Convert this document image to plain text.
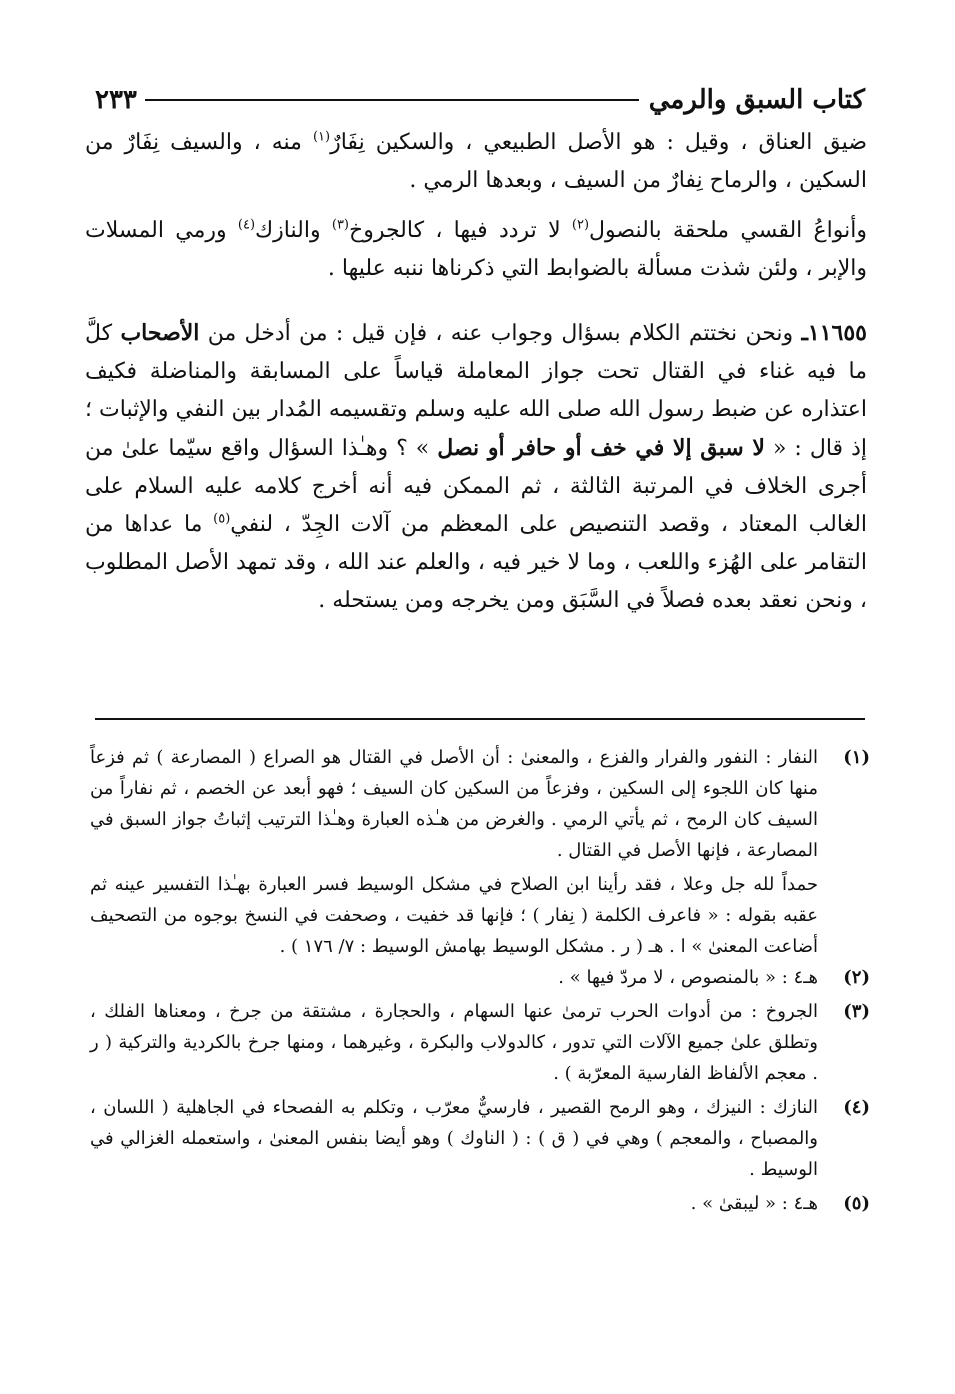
كتاب السبق والرمي
٢٣٣

ضيق العناق ، وقيل : هو الأصل الطبيعي ، والسكين نِفَارٌ$^{(١)}$ منه ، والسيف نِفَارٌ من السكين ، والرماح نِفارٌ من السيف ، وبعدها الرمي .

وأنواعُ القسي ملحقة بالنصول$^{(٢)}$ لا تردد فيها ، كالجروخ$^{(٣)}$ والنازك$^{(٤)}$ ورمي المسلات والإبر ، ولئن شذت مسألة بالضوابط التي ذكرناها ننبه عليها .

١١٦٥٥ـ ونحن نختتم الكلام بسؤال وجواب عنه ، فإن قيل : من أدخل من الأصحاب كلَّ ما فيه غناء في القتال تحت جواز المعاملة قياساً على المسابقة والمناضلة فكيف اعتذاره عن ضبط رسول الله صلى الله عليه وسلم وتقسيمه المُدار بين النفي والإثبات ؛ إذ قال : « لا سبق إلا في خف أو حافر أو نصل » ؟ وهـٰذا السؤال واقع سيّما علىٰ من أجرى الخلاف في المرتبة الثالثة ، ثم الممكن فيه أنه أخرج كلامه عليه السلام على الغالب المعتاد ، وقصد التنصيص على المعظم من آلات الجِدّ ، لنفي$^{(٥)}$ ما عداها من التقامر على الهُزء واللعب ، وما لا خير فيه ، والعلم عند الله ، وقد تمهد الأصل المطلوب ، ونحن نعقد بعده فصلاً في السَّبَق ومن يخرجه ومن يستحله .

(١)
النفار : النفور والفرار والفزع ، والمعنىٰ : أن الأصل في القتال هو الصراع ( المصارعة ) ثم فزعاً منها كان اللجوء إلى السكين ، وفزعاً من السكين كان السيف ؛ فهو أبعد عن الخصم ، ثم نفاراً من السيف كان الرمح ، ثم يأتي الرمي . والغرض من هـٰذه العبارة وهـٰذا الترتيب إثباتُ جواز السبق في المصارعة ، فإنها الأصل في القتال .
حمداً لله جل وعلا ، فقد رأينا ابن الصلاح في مشكل الوسيط فسر العبارة بهـٰذا التفسير عينه ثم عقبه بقوله : « فاعرف الكلمة ( نِفار ) ؛ فإنها قد خفيت ، وصحفت في النسخ بوجوه من التصحيف أضاعت المعنىٰ » ا . هـ ( ر . مشكل الوسيط بهامش الوسيط : ٧/ ١٧٦ ) .
(٢)
هـ٤ : « بالمنصوص ، لا مردّ فيها » .
(٣)
الجروخ : من أدوات الحرب ترمىٰ عنها السهام ، والحجارة ، مشتقة من جرخ ، ومعناها الفلك ، وتطلق علىٰ جميع الآلات التي تدور ، كالدولاب والبكرة ، وغيرهما ، ومنها جرخ بالكردية والتركية ( ر . معجم الألفاظ الفارسية المعرّبة ) .
(٤)
النازك : النيزك ، وهو الرمح القصير ، فارسيٌّ معرّب ، وتكلم به الفصحاء في الجاهلية ( اللسان ، والمصباح ، والمعجم ) وهي في ( ق ) : ( الناوك ) وهو أيضا بنفس المعنىٰ ، واستعمله الغزالي في الوسيط .
(٥)
هـ٤ : « ليبقىٰ » .
